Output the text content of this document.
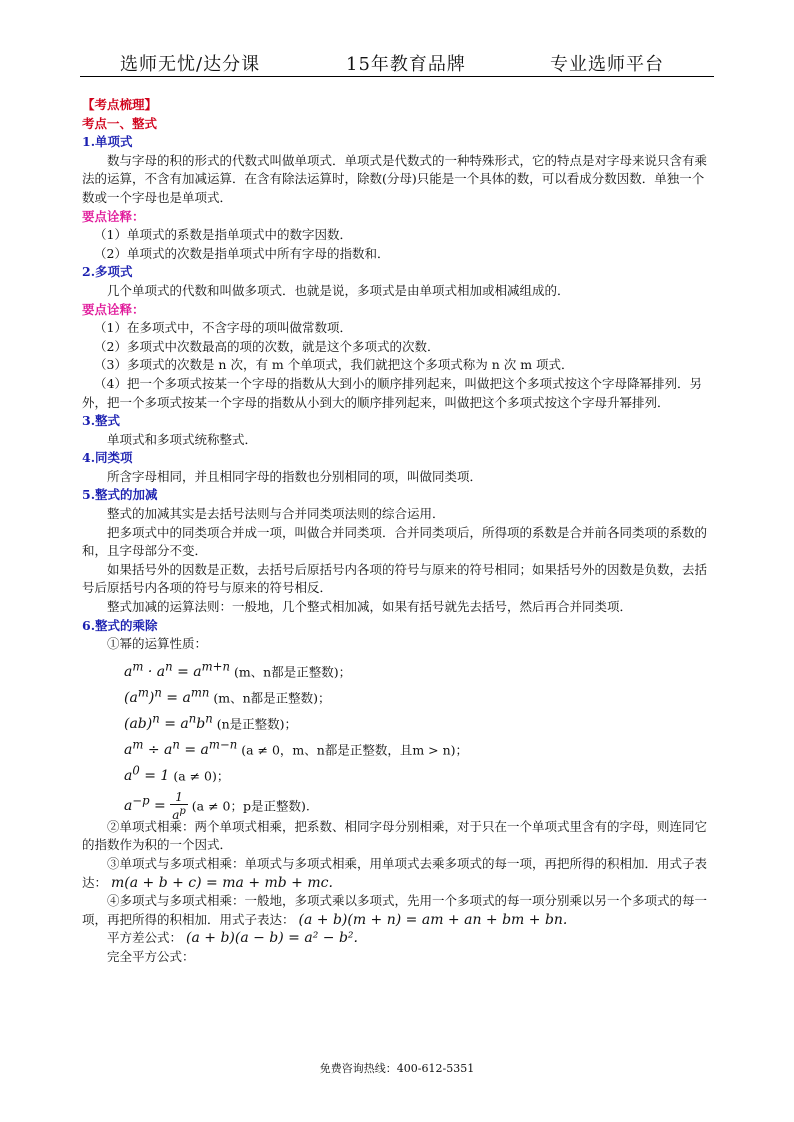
选师无忧/达分课	15年教育品牌	专业选师平台

【考点梳理】

考点一、整式

1.单项式

数与字母的积的形式的代数式叫做单项式．单项式是代数式的一种特殊形式，它的特点是对字母来说只含有乘法的运算，不含有加减运算．在含有除法运算时，除数(分母)只能是一个具体的数，可以看成分数因数．单独一个数或一个字母也是单项式．

要点诠释：

（1）单项式的系数是指单项式中的数字因数．

（2）单项式的次数是指单项式中所有字母的指数和．

2.多项式

几个单项式的代数和叫做多项式．也就是说，多项式是由单项式相加或相减组成的．

要点诠释：

（1）在多项式中，不含字母的项叫做常数项．

（2）多项式中次数最高的项的次数，就是这个多项式的次数．

（3）多项式的次数是 n 次，有 m 个单项式，我们就把这个多项式称为 n 次 m 项式．

（4）把一个多项式按某一个字母的指数从大到小的顺序排列起来，叫做把这个多项式按这个字母降幂排列．另外，把一个多项式按某一个字母的指数从小到大的顺序排列起来，叫做把这个多项式按这个字母升幂排列．

3.整式

单项式和多项式统称整式．

4.同类项

所含字母相同，并且相同字母的指数也分别相同的项，叫做同类项．

5.整式的加减

整式的加减其实是去括号法则与合并同类项法则的综合运用．

把多项式中的同类项合并成一项，叫做合并同类项．合并同类项后，所得项的系数是合并前各同类项的系数的和，且字母部分不变．

如果括号外的因数是正数，去括号后原括号内各项的符号与原来的符号相同；如果括号外的因数是负数，去括号后原括号内各项的符号与原来的符号相反．

整式加减的运算法则：一般地，几个整式相加减，如果有括号就先去括号，然后再合并同类项．

6.整式的乘除

①幂的运算性质：

$a^m \cdot a^n = a^{m+n}$ (m、n都是正整数)；
$(a^m)^n = a^{mn}$ (m、n都是正整数)；
$(ab)^n = a^nb^n$ (n是正整数)；
$a^m \div a^n = a^{m-n}$ (a ≠ 0，m、n都是正整数，且m > n)；
$a^0 = 1$ (a ≠ 0)；
$a^{-p} = \frac{1}{a^p} (a \ne 0$；p是正整数).

②单项式相乘：两个单项式相乘，把系数、相同字母分别相乘，对于只在一个单项式里含有的字母，则连同它的指数作为积的一个因式．

③单项式与多项式相乘：单项式与多项式相乘，用单项式去乘多项式的每一项，再把所得的积相加．用式子表达： m(a + b + c) = ma + mb + mc.

④多项式与多项式相乘：一般地，多项式乘以多项式，先用一个多项式的每一项分别乘以另一个多项式的每一项，再把所得的积相加．用式子表达： (a + b)(m + n) = am + an + bm + bn.

平方差公式： (a + b)(a − b) = a² − b².

完全平方公式：

免费咨询热线：400-612-5351
